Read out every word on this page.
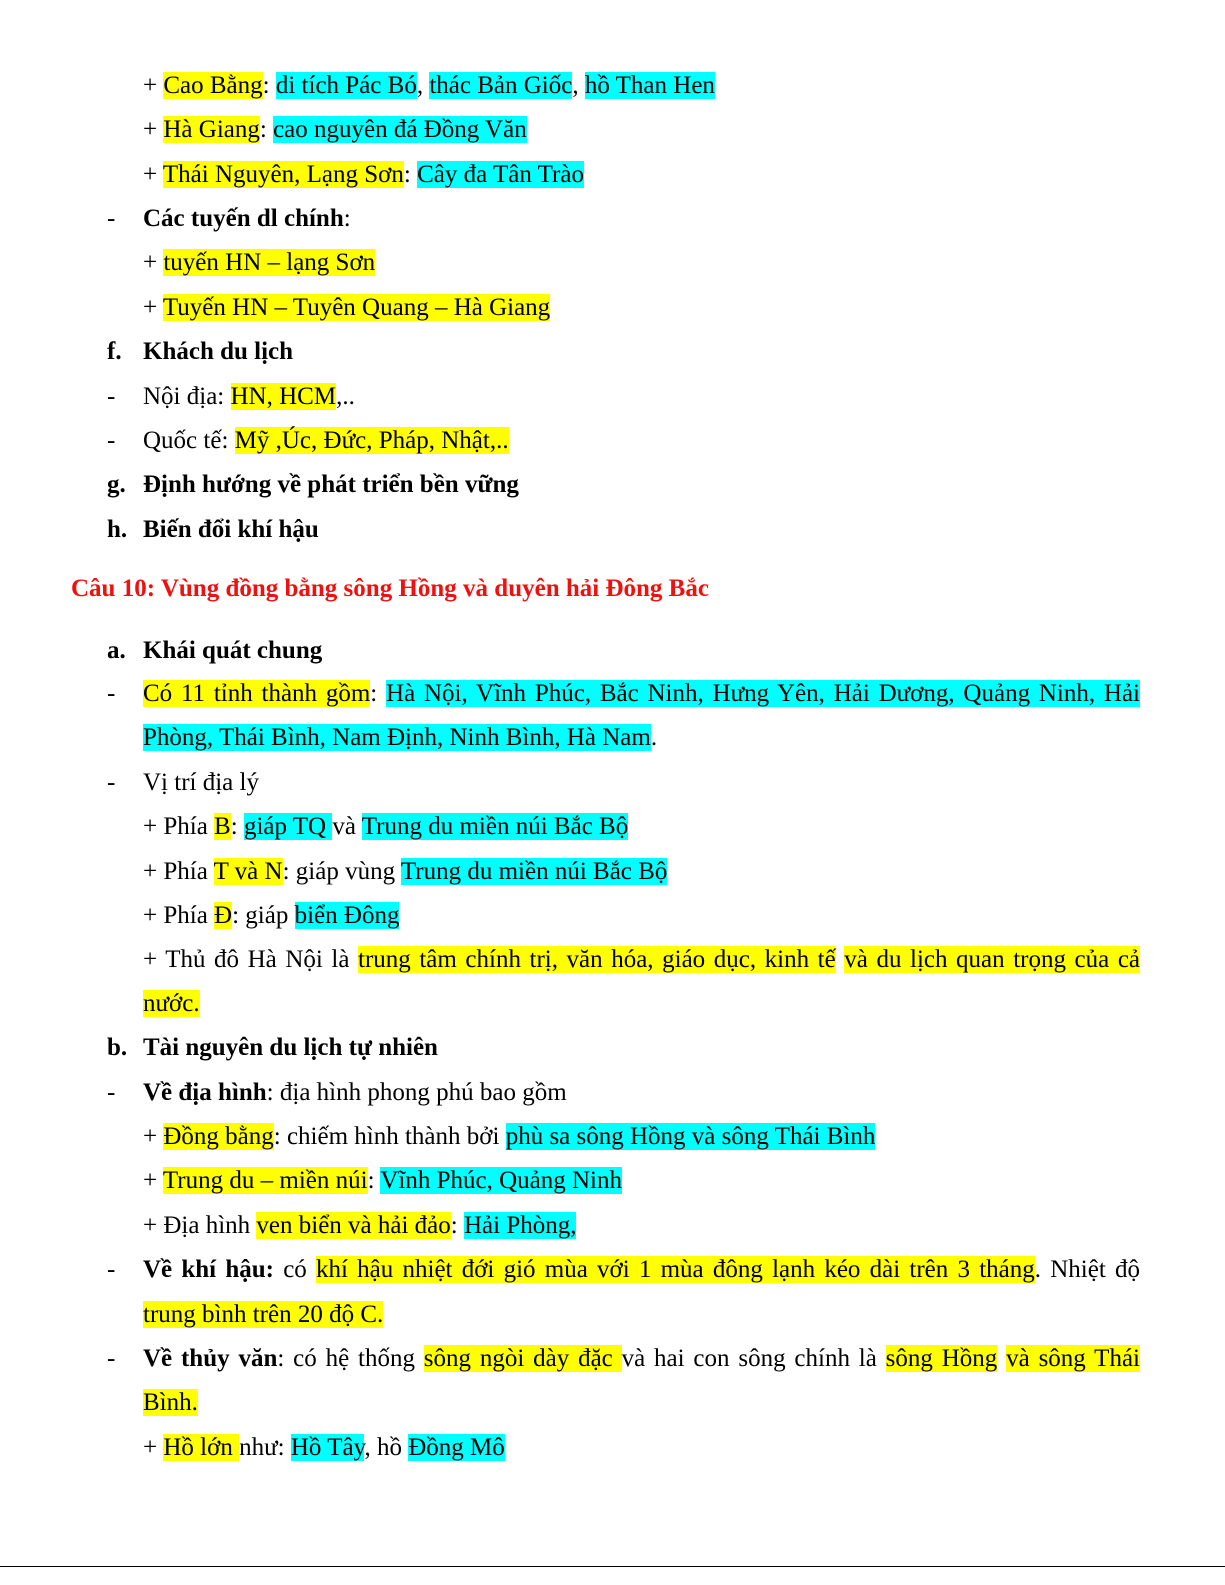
+ Cao Bằng: di tích Pác Bó, thác Bản Giốc, hồ Than Hen
+ Hà Giang: cao nguyên đá Đồng Văn
+ Thái Nguyên, Lạng Sơn: Cây đa Tân Trào
- Các tuyến dl chính:
+ tuyến HN – lạng Sơn
+ Tuyến HN – Tuyên Quang – Hà Giang
f. Khách du lịch
- Nội địa: HN, HCM,..
- Quốc tế: Mỹ ,Úc, Đức, Pháp, Nhật,..
g. Định hướng về phát triển bền vững
h. Biến đổi khí hậu
Câu 10: Vùng đồng bằng sông Hồng và duyên hải Đông Bắc
a. Khái quát chung
- Có 11 tỉnh thành gồm: Hà Nội, Vĩnh Phúc, Bắc Ninh, Hưng Yên, Hải Dương, Quảng Ninh, Hải
Phòng, Thái Bình, Nam Định, Ninh Bình, Hà Nam.
- Vị trí địa lý
+ Phía B: giáp TQ và Trung du miền núi Bắc Bộ
+ Phía T và N: giáp vùng Trung du miền núi Bắc Bộ
+ Phía Đ: giáp biển Đông
+ Thủ đô Hà Nội là trung tâm chính trị, văn hóa, giáo dục, kinh tế và du lịch quan trọng của cả
nước.
b. Tài nguyên du lịch tự nhiên
- Về địa hình: địa hình phong phú bao gồm
+ Đồng bằng: chiếm hình thành bởi phù sa sông Hồng và sông Thái Bình
+ Trung du – miền núi: Vĩnh Phúc, Quảng Ninh
+ Địa hình ven biển và hải đảo: Hải Phòng,
- Về khí hậu: có khí hậu nhiệt đới gió mùa với 1 mùa đông lạnh kéo dài trên 3 tháng. Nhiệt độ
trung bình trên 20 độ C.
- Về thủy văn: có hệ thống sông ngòi dày đặc và hai con sông chính là sông Hồng và sông Thái
Bình.
+ Hồ lớn như: Hồ Tây, hồ Đồng Mô
